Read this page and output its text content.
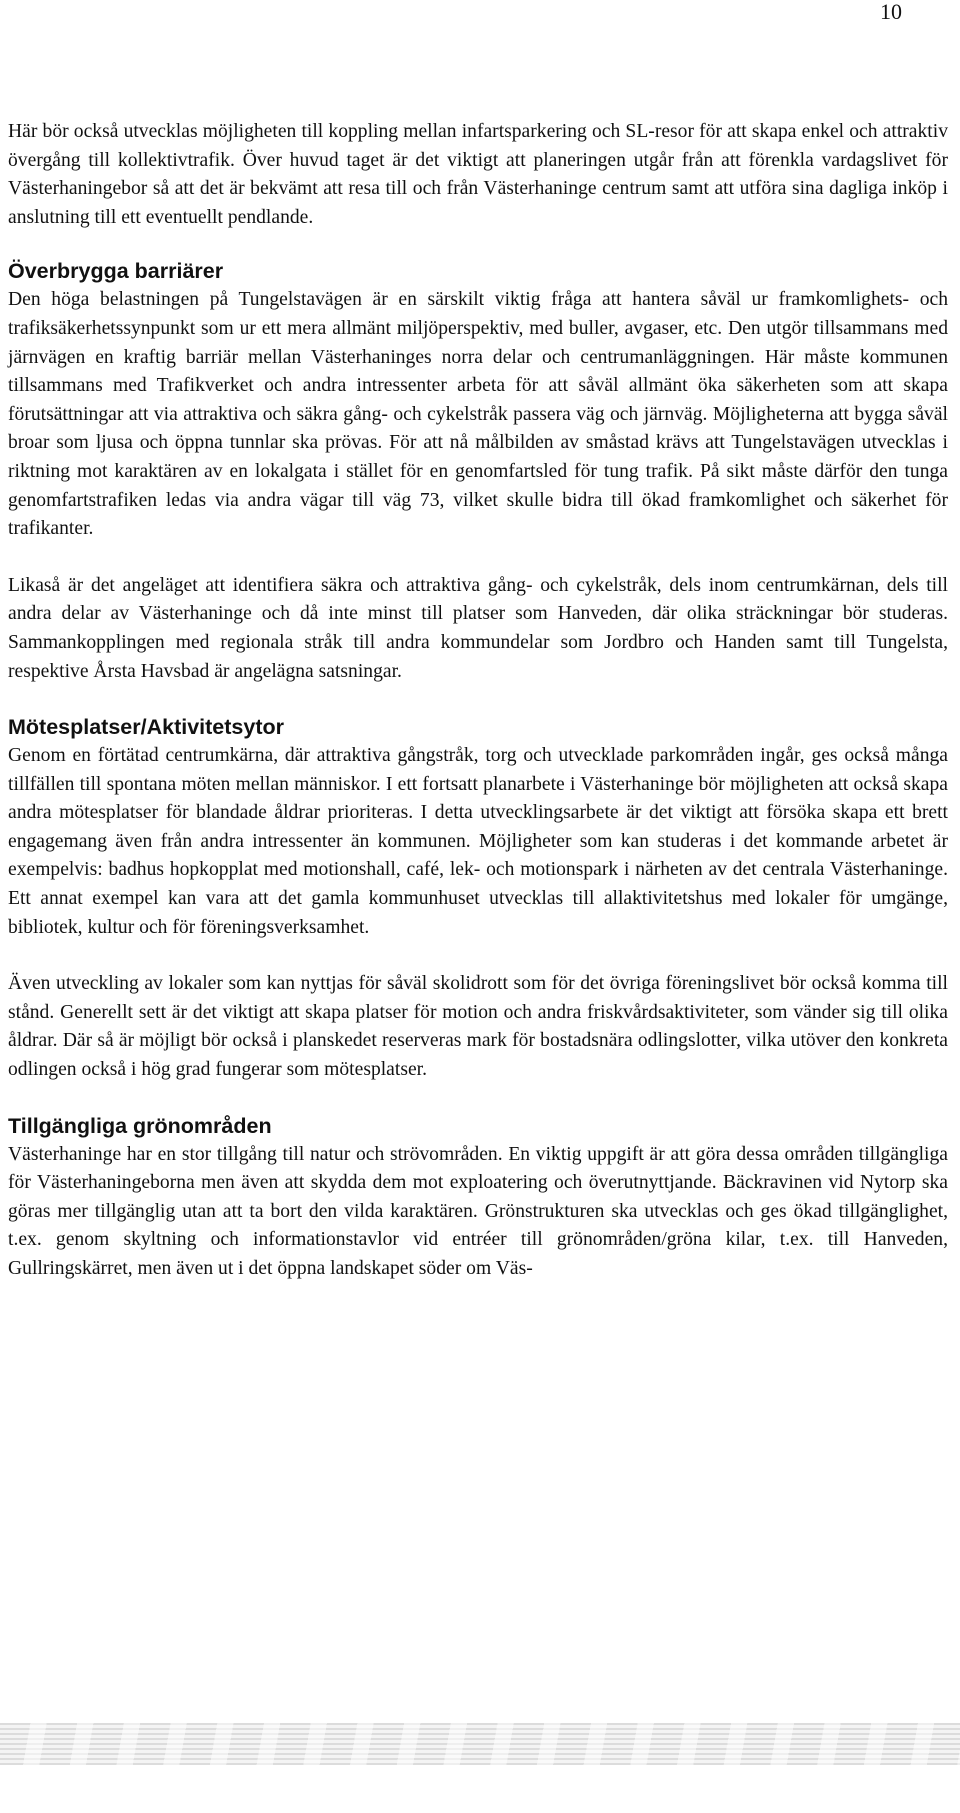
10

Här bör också utvecklas möjligheten till koppling mellan infartsparkering och SL-resor för att skapa enkel och attraktiv övergång till kollektivtrafik. Över huvud taget är det viktigt att planeringen utgår från att förenkla vardagslivet för Västerhaningebor så att det är bekvämt att resa till och från Västerhaninge centrum samt att utföra sina dagliga inköp i anslutning till ett eventuellt pendlande.

Överbrygga barriärer

Den höga belastningen på Tungelstavägen är en särskilt viktig fråga att hantera såväl ur framkomlighets- och trafiksäkerhetssynpunkt som ur ett mera allmänt miljöperspektiv, med buller, avgaser, etc. Den utgör tillsammans med järnvägen en kraftig barriär mellan Västerhaninges norra delar och centrumanläggningen. Här måste kommunen tillsammans med Trafikverket och andra intressenter arbeta för att såväl allmänt öka säkerheten som att skapa förutsättningar att via attraktiva och säkra gång- och cykelstråk passera väg och järnväg. Möjligheterna att bygga såväl broar som ljusa och öppna tunnlar ska prövas. För att nå målbilden av småstad krävs att Tungelstavägen utvecklas i riktning mot karaktären av en lokalgata i stället för en genomfartsled för tung trafik. På sikt måste därför den tunga genomfartstrafiken ledas via andra vägar till väg 73, vilket skulle bidra till ökad framkomlighet och säkerhet för trafikanter.

Likaså är det angeläget att identifiera säkra och attraktiva gång- och cykelstråk, dels inom centrumkärnan, dels till andra delar av Västerhaninge och då inte minst till platser som Hanveden, där olika sträckningar bör studeras. Sammankopplingen med regionala stråk till andra kommundelar som Jordbro och Handen samt till Tungelsta, respektive Årsta Havsbad är angelägna satsningar.

Mötesplatser/Aktivitetsytor

Genom en förtätad centrumkärna, där attraktiva gångstråk, torg och utvecklade parkområden ingår, ges också många tillfällen till spontana möten mellan människor. I ett fortsatt planarbete i Västerhaninge bör möjligheten att också skapa andra mötesplatser för blandade åldrar prioriteras. I detta utvecklingsarbete är det viktigt att försöka skapa ett brett engagemang även från andra intressenter än kommunen. Möjligheter som kan studeras i det kommande arbetet är exempelvis: badhus hopkopplat med motionshall, café, lek- och motionspark i närheten av det centrala Västerhaninge. Ett annat exempel kan vara att det gamla kommunhuset utvecklas till allaktivitetshus med lokaler för umgänge, bibliotek, kultur och för föreningsverksamhet.

Även utveckling av lokaler som kan nyttjas för såväl skolidrott som för det övriga föreningslivet bör också komma till stånd. Generellt sett är det viktigt att skapa platser för motion och andra friskvårdsaktiviteter, som vänder sig till olika åldrar. Där så är möjligt bör också i planskedet reserveras mark för bostadsnära odlingslotter, vilka utöver den konkreta odlingen också i hög grad fungerar som mötesplatser.

Tillgängliga grönområden

Västerhaninge har en stor tillgång till natur och strövområden. En viktig uppgift är att göra dessa områden tillgängliga för Västerhaningeborna men även att skydda dem mot exploatering och överutnyttjande. Bäckravinen vid Nytorp ska göras mer tillgänglig utan att ta bort den vilda karaktären. Grönstrukturen ska utvecklas och ges ökad tillgänglighet, t.ex. genom skyltning och informationstavlor vid entréer till grönområden/gröna kilar, t.ex. till Hanveden, Gullringskärret, men även ut i det öppna landskapet söder om Väs-
